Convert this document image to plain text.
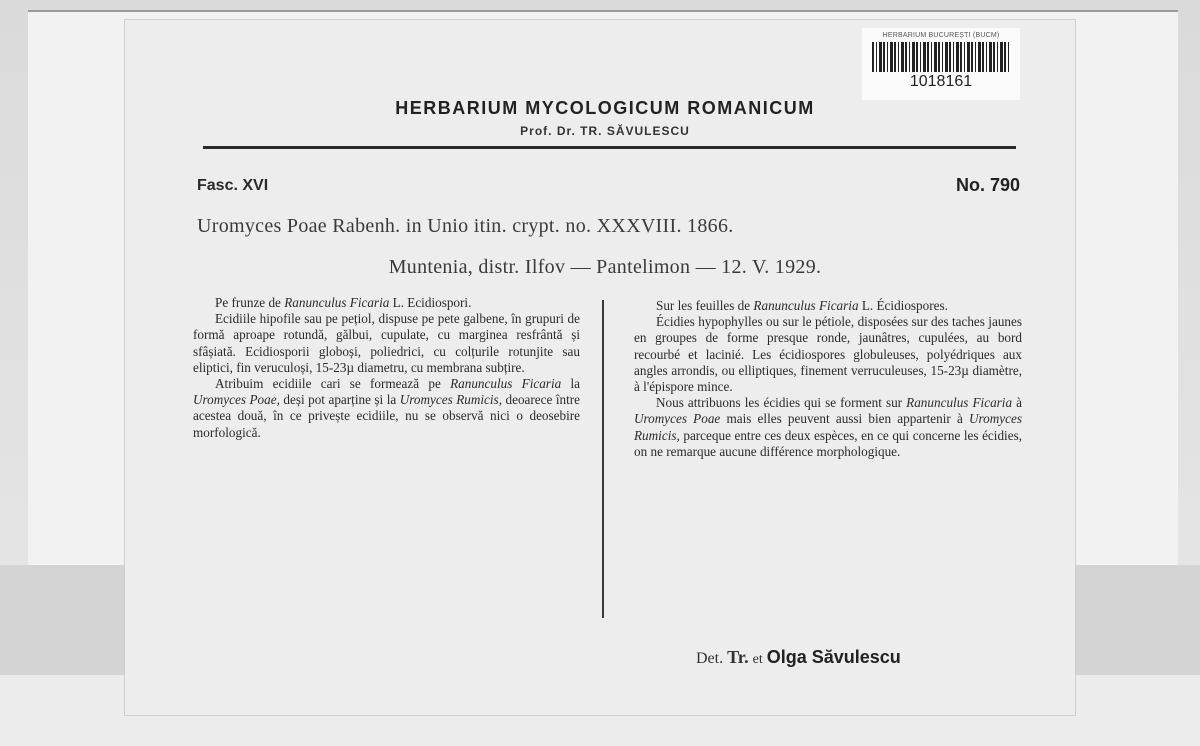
HERBARIUM BUCUREȘTI (BUCM)
1018161
HERBARIUM MYCOLOGICUM ROMANICUM
Prof. Dr. TR. SĂVULESCU
Fasc. XVI	No. 790
Uromyces Poae Rabenh. in Unio itin. crypt. no. XXXVIII. 1866.
Muntenia, distr. Ilfov — Pantelimon — 12. V. 1929.

Pe frunze de Ranunculus Ficaria L. Ecidiospori.

Ecidiile hipofile sau pe pețiol, dispuse pe pete galbene, în grupuri de formă aproape rotundă, gălbui, cupulate, cu marginea resfrântă și sfâșiată. Ecidiosporii globoși, poliedrici, cu colțurile rotunjite sau eliptici, fin veruculoși, 15-23µ diametru, cu membrana subțire.

Atribuim ecidiile cari se formează pe Ranunculus Ficaria la Uromyces Poae, deși pot aparține și la Uromyces Rumicis, deoarece între acestea două, în ce privește ecidiile, nu se observă nici o deosebire morfologică.

Sur les feuilles de Ranunculus Ficaria L. Écidiospores.

Écidies hypophylles ou sur le pétiole, disposées sur des taches jaunes en groupes de forme presque ronde, jaunâtres, cupulées, au bord recourbé et lacinié. Les écidiospores globuleuses, polyédriques aux angles arrondis, ou elliptiques, finement verruculeuses, 15-23µ diamètre, à l'épispore mince.

Nous attribuons les écidies qui se forment sur Ranunculus Ficaria à Uromyces Poae mais elles peuvent aussi bien appartenir à Uromyces Rumicis, parceque entre ces deux espèces, en ce qui concerne les écidies, on ne remarque aucune différence morphologique.

Det. Tr. et Olga Săvulescu
